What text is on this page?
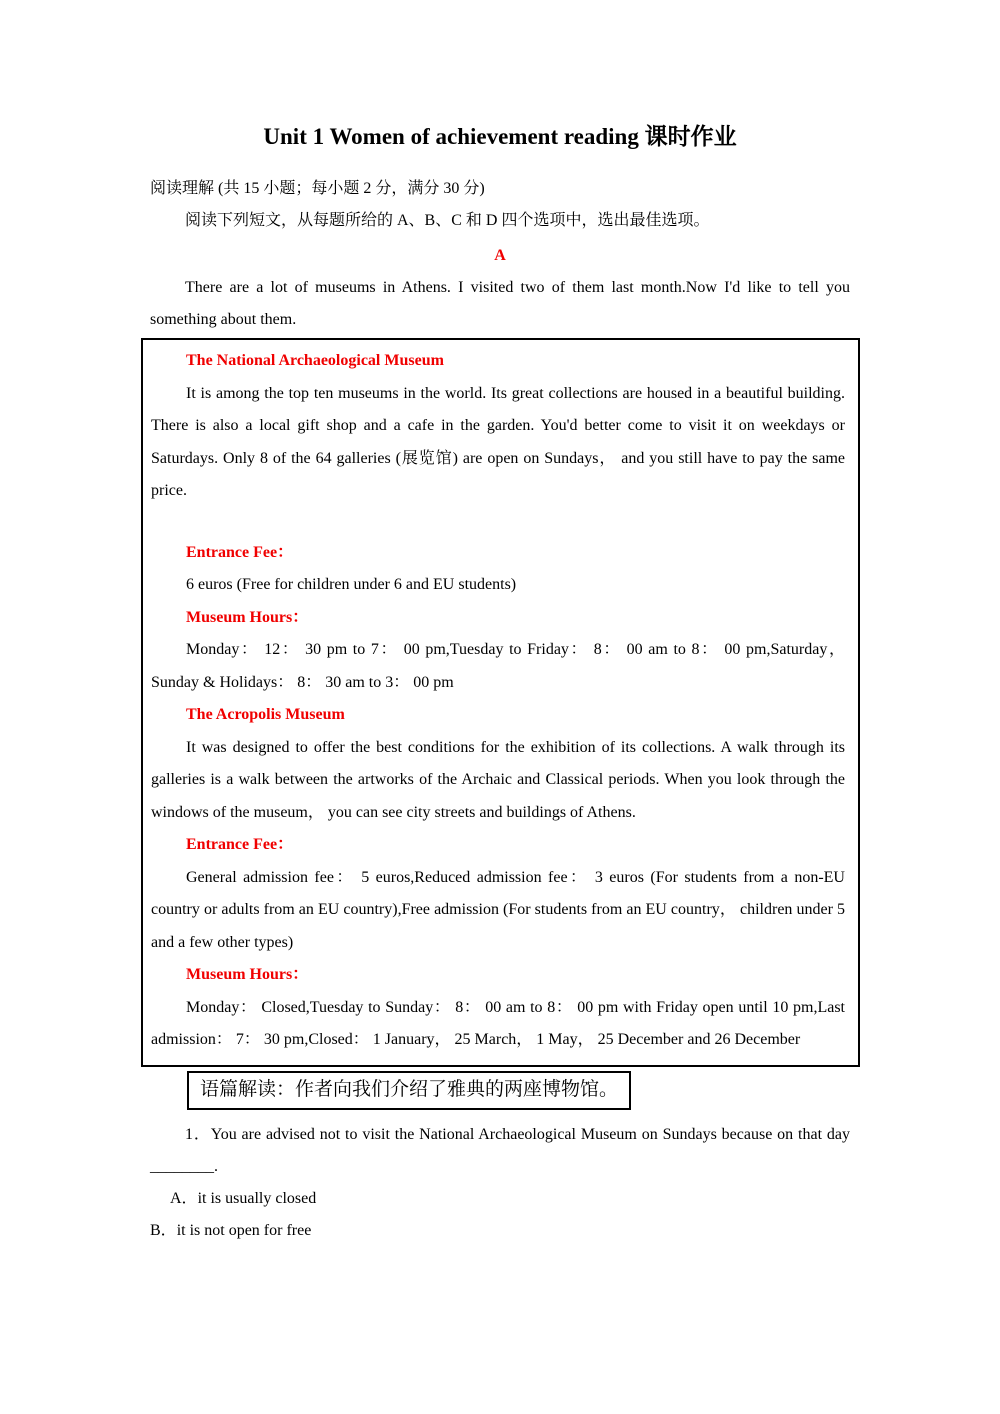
Unit 1 Women of achievement reading 课时作业

阅读理解 (共 15 小题；每小题 2 分，满分 30 分)

阅读下列短文，从每题所给的 A、B、C 和 D 四个选项中，选出最佳选项。

A

There are a lot of museums in Athens. I visited two of them last month.Now I'd like to tell you something about them.

The National Archaeological Museum

It is among the top ten museums in the world. Its great collections are housed in a beautiful building. There is also a local gift shop and a cafe in the garden. You'd better come to visit it on weekdays or Saturdays. Only 8 of the 64 galleries (展览馆) are open on Sundays， and you still have to pay the same price.

Entrance Fee：

6 euros (Free for children under 6 and EU students)

Museum Hours：

Monday： 12： 30 pm to 7： 00 pm,Tuesday to Friday： 8： 00 am to 8： 00 pm,Saturday， Sunday & Holidays： 8： 30 am to 3： 00 pm

The Acropolis Museum

It was designed to offer the best conditions for the exhibition of its collections. A walk through its galleries is a walk between the artworks of the Archaic and Classical periods. When you look through the windows of the museum， you can see city streets and buildings of Athens.

Entrance Fee：

General admission fee： 5 euros,Reduced admission fee： 3 euros (For students from a non-EU country or adults from an EU country),Free admission (For students from an EU country， children under 5 and a few other types)

Museum Hours：

Monday： Closed,Tuesday to Sunday： 8： 00 am to 8： 00 pm with Friday open until 10 pm,Last admission： 7： 30 pm,Closed： 1 January， 25 March， 1 May， 25 December and 26 December

语篇解读：作者向我们介绍了雅典的两座博物馆。

1．You are advised not to visit the National Archaeological Museum on Sundays because on that day ________.

A．it is usually closed

B．it is not open for free
